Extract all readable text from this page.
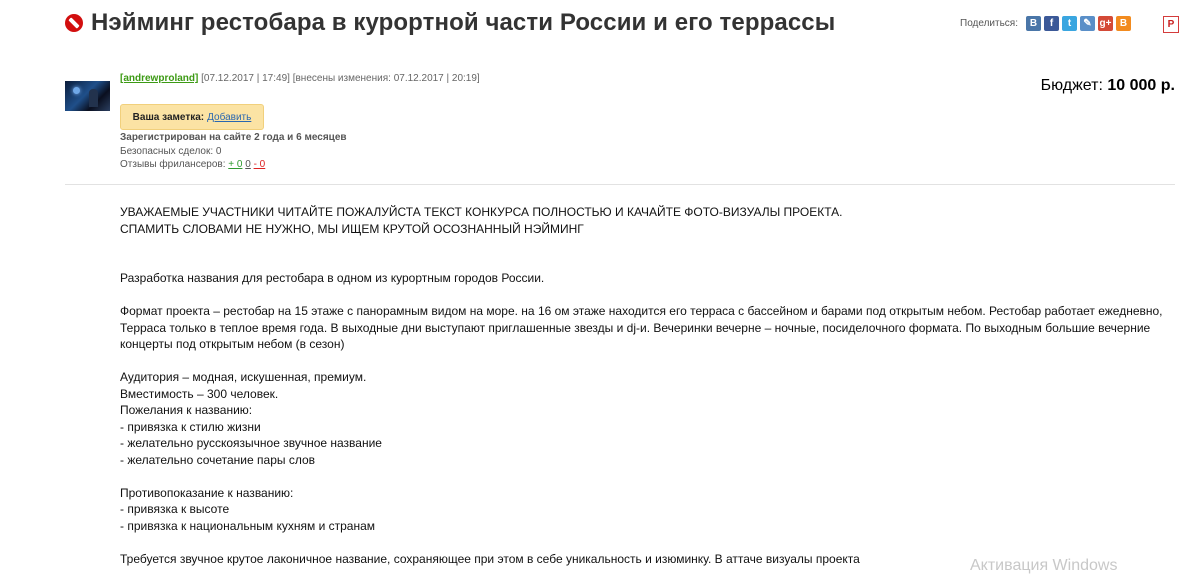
Нэйминг рестобара в курортной части России и его террассы	Поделиться:	В	f	t	✎ g+ B	P
[andrewproland] [07.12.2017 | 17:49] [внесены изменения: 07.12.2017 | 20:19]
Ваша заметка: Добавить
Зарегистрирован на сайте 2 года и 6 месяцев
Безопасных сделок: 0
Отзывы фрилансеров: + 0 0 - 0
Бюджет: 10 000 р.

УВАЖАЕМЫЕ УЧАСТНИКИ ЧИТАЙТЕ ПОЖАЛУЙСТА ТЕКСТ КОНКУРСА ПОЛНОСТЬЮ И КАЧАЙТЕ ФОТО-ВИЗУАЛЫ ПРОЕКТА.

СПАМИТЬ СЛОВАМИ НЕ НУЖНО, МЫ ИЩЕМ КРУТОЙ ОСОЗНАННЫЙ НЭЙМИНГ

Разработка названия для рестобара в одном из курортным городов России.

Формат проекта – рестобар на 15 этаже с панорамным видом на море. на 16 ом этаже находится его терраса с бассейном и барами под открытым небом. Рестобар работает ежедневно,

Терраса только в теплое время года. В выходные дни выступают приглашенные звезды и dj-и. Вечеринки вечерне – ночные, посиделочного формата. По выходным большие вечерние

концерты под открытым небом (в сезон)

Аудитория – модная, искушенная, премиум.

Вместимость – 300 человек.

Пожелания к названию:

- привязка к стилю жизни

- желательно русскоязычное звучное название

- желательно сочетание пары слов

Противопоказание к названию:

- привязка к высоте

- привязка к национальным кухням и странам

Требуется звучное крутое лаконичное название, сохраняющее при этом в себе уникальность и изюминку. В аттаче визуалы проекта	Активация Windows
